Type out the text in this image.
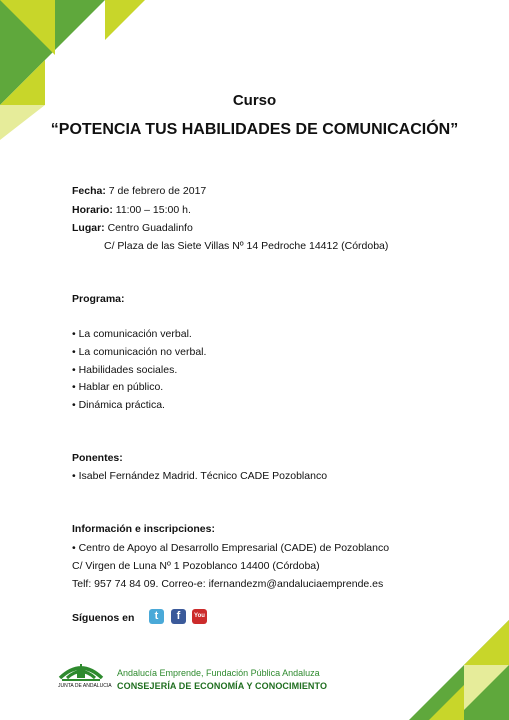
Curso
“POTENCIA TUS HABILIDADES DE COMUNICACIÓN”
Fecha: 7 de febrero de 2017
Horario: 11:00 – 15:00 h.
Lugar: Centro Guadalinfo
C/ Plaza de las Siete Villas Nº 14 Pedroche 14412 (Córdoba)
Programa:
• La comunicación verbal.
• La comunicación no verbal.
• Habilidades sociales.
• Hablar en público.
• Dinámica práctica.
Ponentes:
• Isabel Fernández Madrid. Técnico CADE Pozoblanco
Información e inscripciones:
• Centro de Apoyo al Desarrollo Empresarial (CADE) de Pozoblanco
C/ Virgen de Luna Nº 1 Pozoblanco 14400 (Córdoba)
Telf: 957 74 84 09. Correo-e: ifernandezm@andaluciaemprende.es
Síguenos en	t	f	You
JUNTA DE ANDALUCIA
Andalucía Emprende, Fundación Pública Andaluza
CONSEJERÍA DE ECONOMÍA Y CONOCIMIENTO
